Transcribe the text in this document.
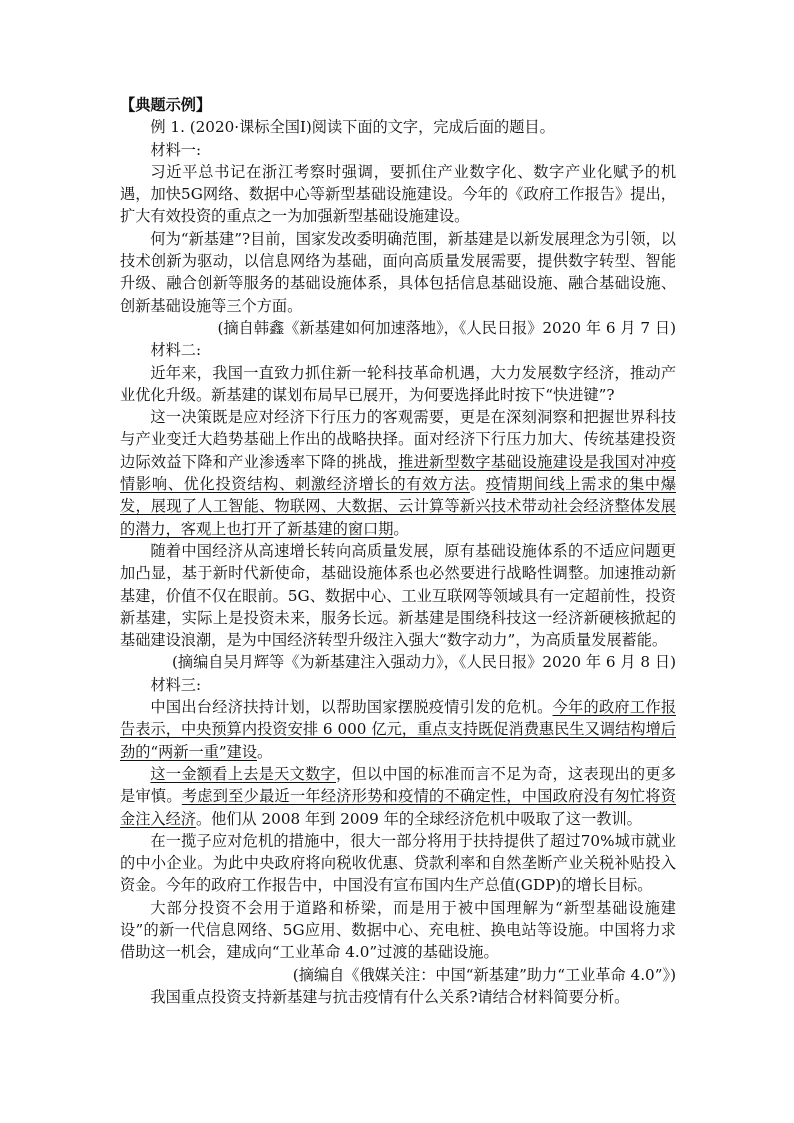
【典题示例】

例 1. (2020·课标全国Ⅰ)阅读下面的文字，完成后面的题目。

材料一:

习近平总书记在浙江考察时强调，要抓住产业数字化、数字产业化赋予的机遇，加快5G网络、数据中心等新型基础设施建设。今年的《政府工作报告》提出，扩大有效投资的重点之一为加强新型基础设施建设。

何为“新基建”?目前，国家发改委明确范围，新基建是以新发展理念为引领，以技术创新为驱动，以信息网络为基础，面向高质量发展需要，提供数字转型、智能升级、融合创新等服务的基础设施体系，具体包括信息基础设施、融合基础设施、创新基础设施等三个方面。

(摘自韩鑫《新基建如何加速落地》，《人民日报》2020 年 6 月 7 日)

材料二:

近年来，我国一直致力抓住新一轮科技革命机遇，大力发展数字经济，推动产业优化升级。新基建的谋划布局早已展开，为何要选择此时按下“快进键”?

这一决策既是应对经济下行压力的客观需要，更是在深刻洞察和把握世界科技与产业变迁大趋势基础上作出的战略抉择。面对经济下行压力加大、传统基建投资边际效益下降和产业渗透率下降的挑战，推进新型数字基础设施建设是我国对冲疫情影响、优化投资结构、刺激经济增长的有效方法。疫情期间线上需求的集中爆发，展现了人工智能、物联网、大数据、云计算等新兴技术带动社会经济整体发展的潜力，客观上也打开了新基建的窗口期。

随着中国经济从高速增长转向高质量发展，原有基础设施体系的不适应问题更加凸显，基于新时代新使命，基础设施体系也必然要进行战略性调整。加速推动新基建，价值不仅在眼前。5G、数据中心、工业互联网等领域具有一定超前性，投资新基建，实际上是投资未来，服务长远。新基建是围绕科技这一经济新硬核掀起的基础建设浪潮，是为中国经济转型升级注入强大“数字动力”，为高质量发展蓄能。

(摘编自吴月辉等《为新基建注入强动力》，《人民日报》2020 年 6 月 8 日)

材料三:

中国出台经济扶持计划，以帮助国家摆脱疫情引发的危机。今年的政府工作报告表示，中央预算内投资安排 6 000 亿元，重点支持既促消费惠民生又调结构增后劲的“两新一重”建设。

这一金额看上去是天文数字，但以中国的标准而言不足为奇，这表现出的更多是审慎。考虑到至少最近一年经济形势和疫情的不确定性，中国政府没有匆忙将资金注入经济。他们从 2008 年到 2009 年的全球经济危机中吸取了这一教训。

在一揽子应对危机的措施中，很大一部分将用于扶持提供了超过70%城市就业的中小企业。为此中央政府将向税收优惠、贷款利率和自然垄断产业关税补贴投入资金。今年的政府工作报告中，中国没有宣布国内生产总值(GDP)的增长目标。

大部分投资不会用于道路和桥梁，而是用于被中国理解为“新型基础设施建设”的新一代信息网络、5G应用、数据中心、充电桩、换电站等设施。中国将力求借助这一机会，建成向“工业革命 4.0”过渡的基础设施。

(摘编自《俄媒关注：中国“新基建”助力“工业革命 4.0”》)

我国重点投资支持新基建与抗击疫情有什么关系?请结合材料简要分析。
